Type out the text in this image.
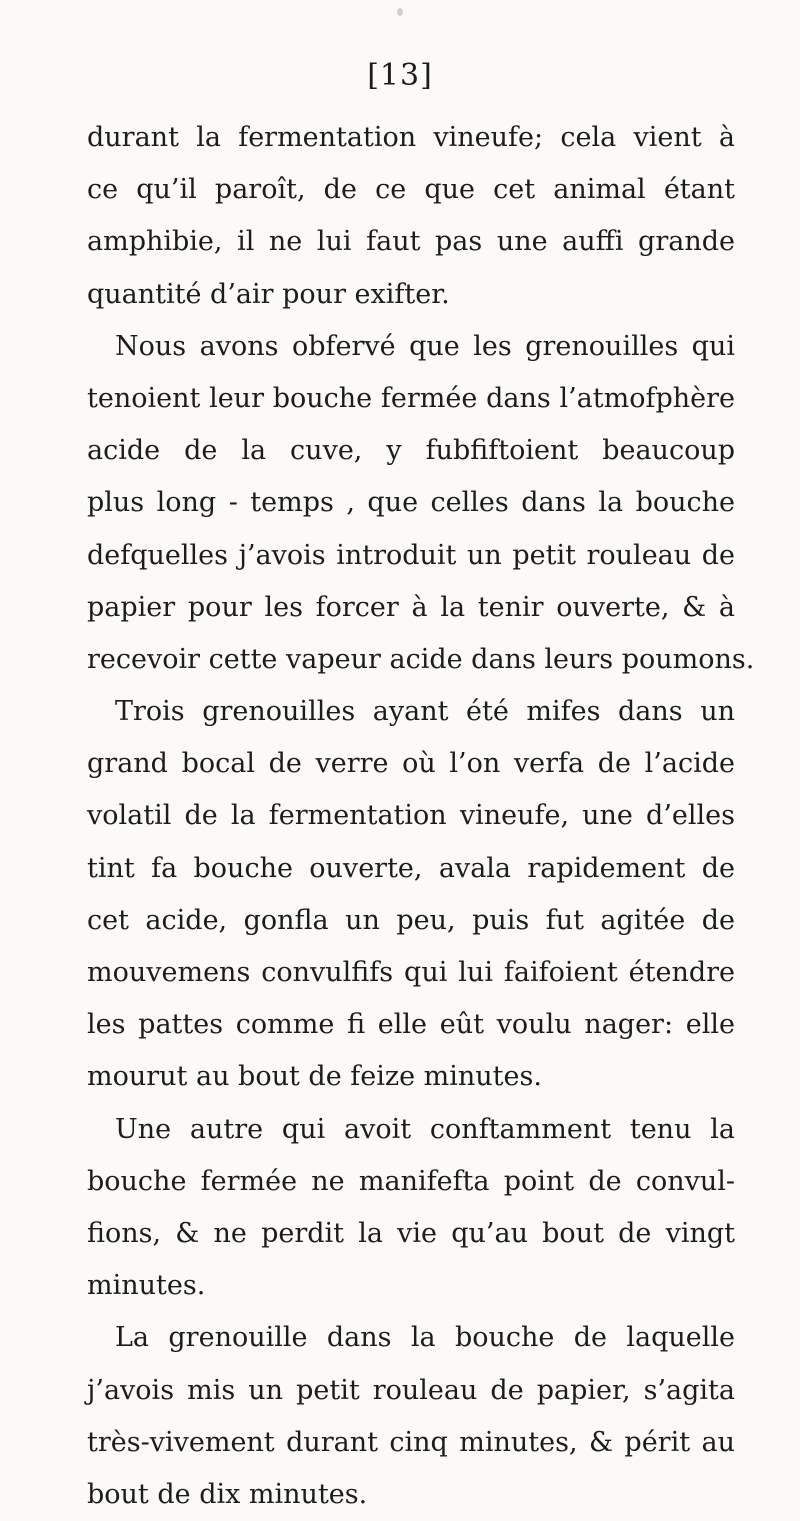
[13]
durant la fermentation vineufe; cela vient à
ce qu’il paroît, de ce que cet animal étant
amphibie, il ne lui faut pas une auffi grande
quantité d’air pour exifter.
Nous avons obfervé que les grenouilles qui
tenoient leur bouche fermée dans l’atmofphère
acide de la cuve, y fubfiftoient beaucoup
plus long - temps , que celles dans la bouche
defquelles j’avois introduit un petit rouleau de
papier pour les forcer à la tenir ouverte, & à
recevoir cette vapeur acide dans leurs poumons.
Trois grenouilles ayant été mifes dans un
grand bocal de verre où l’on verfa de l’acide
volatil de la fermentation vineufe, une d’elles
tint fa bouche ouverte, avala rapidement de
cet acide, gonfla un peu, puis fut agitée de
mouvemens convulfifs qui lui faifoient étendre
les pattes comme fi elle eût voulu nager: elle
mourut au bout de feize minutes.
Une autre qui avoit conftamment tenu la
bouche fermée ne manifefta point de convul-
fions, & ne perdit la vie qu’au bout de vingt
minutes.
La grenouille dans la bouche de laquelle
j’avois mis un petit rouleau de papier, s’agita
très-vivement durant cinq minutes, & périt au
bout de dix minutes.
